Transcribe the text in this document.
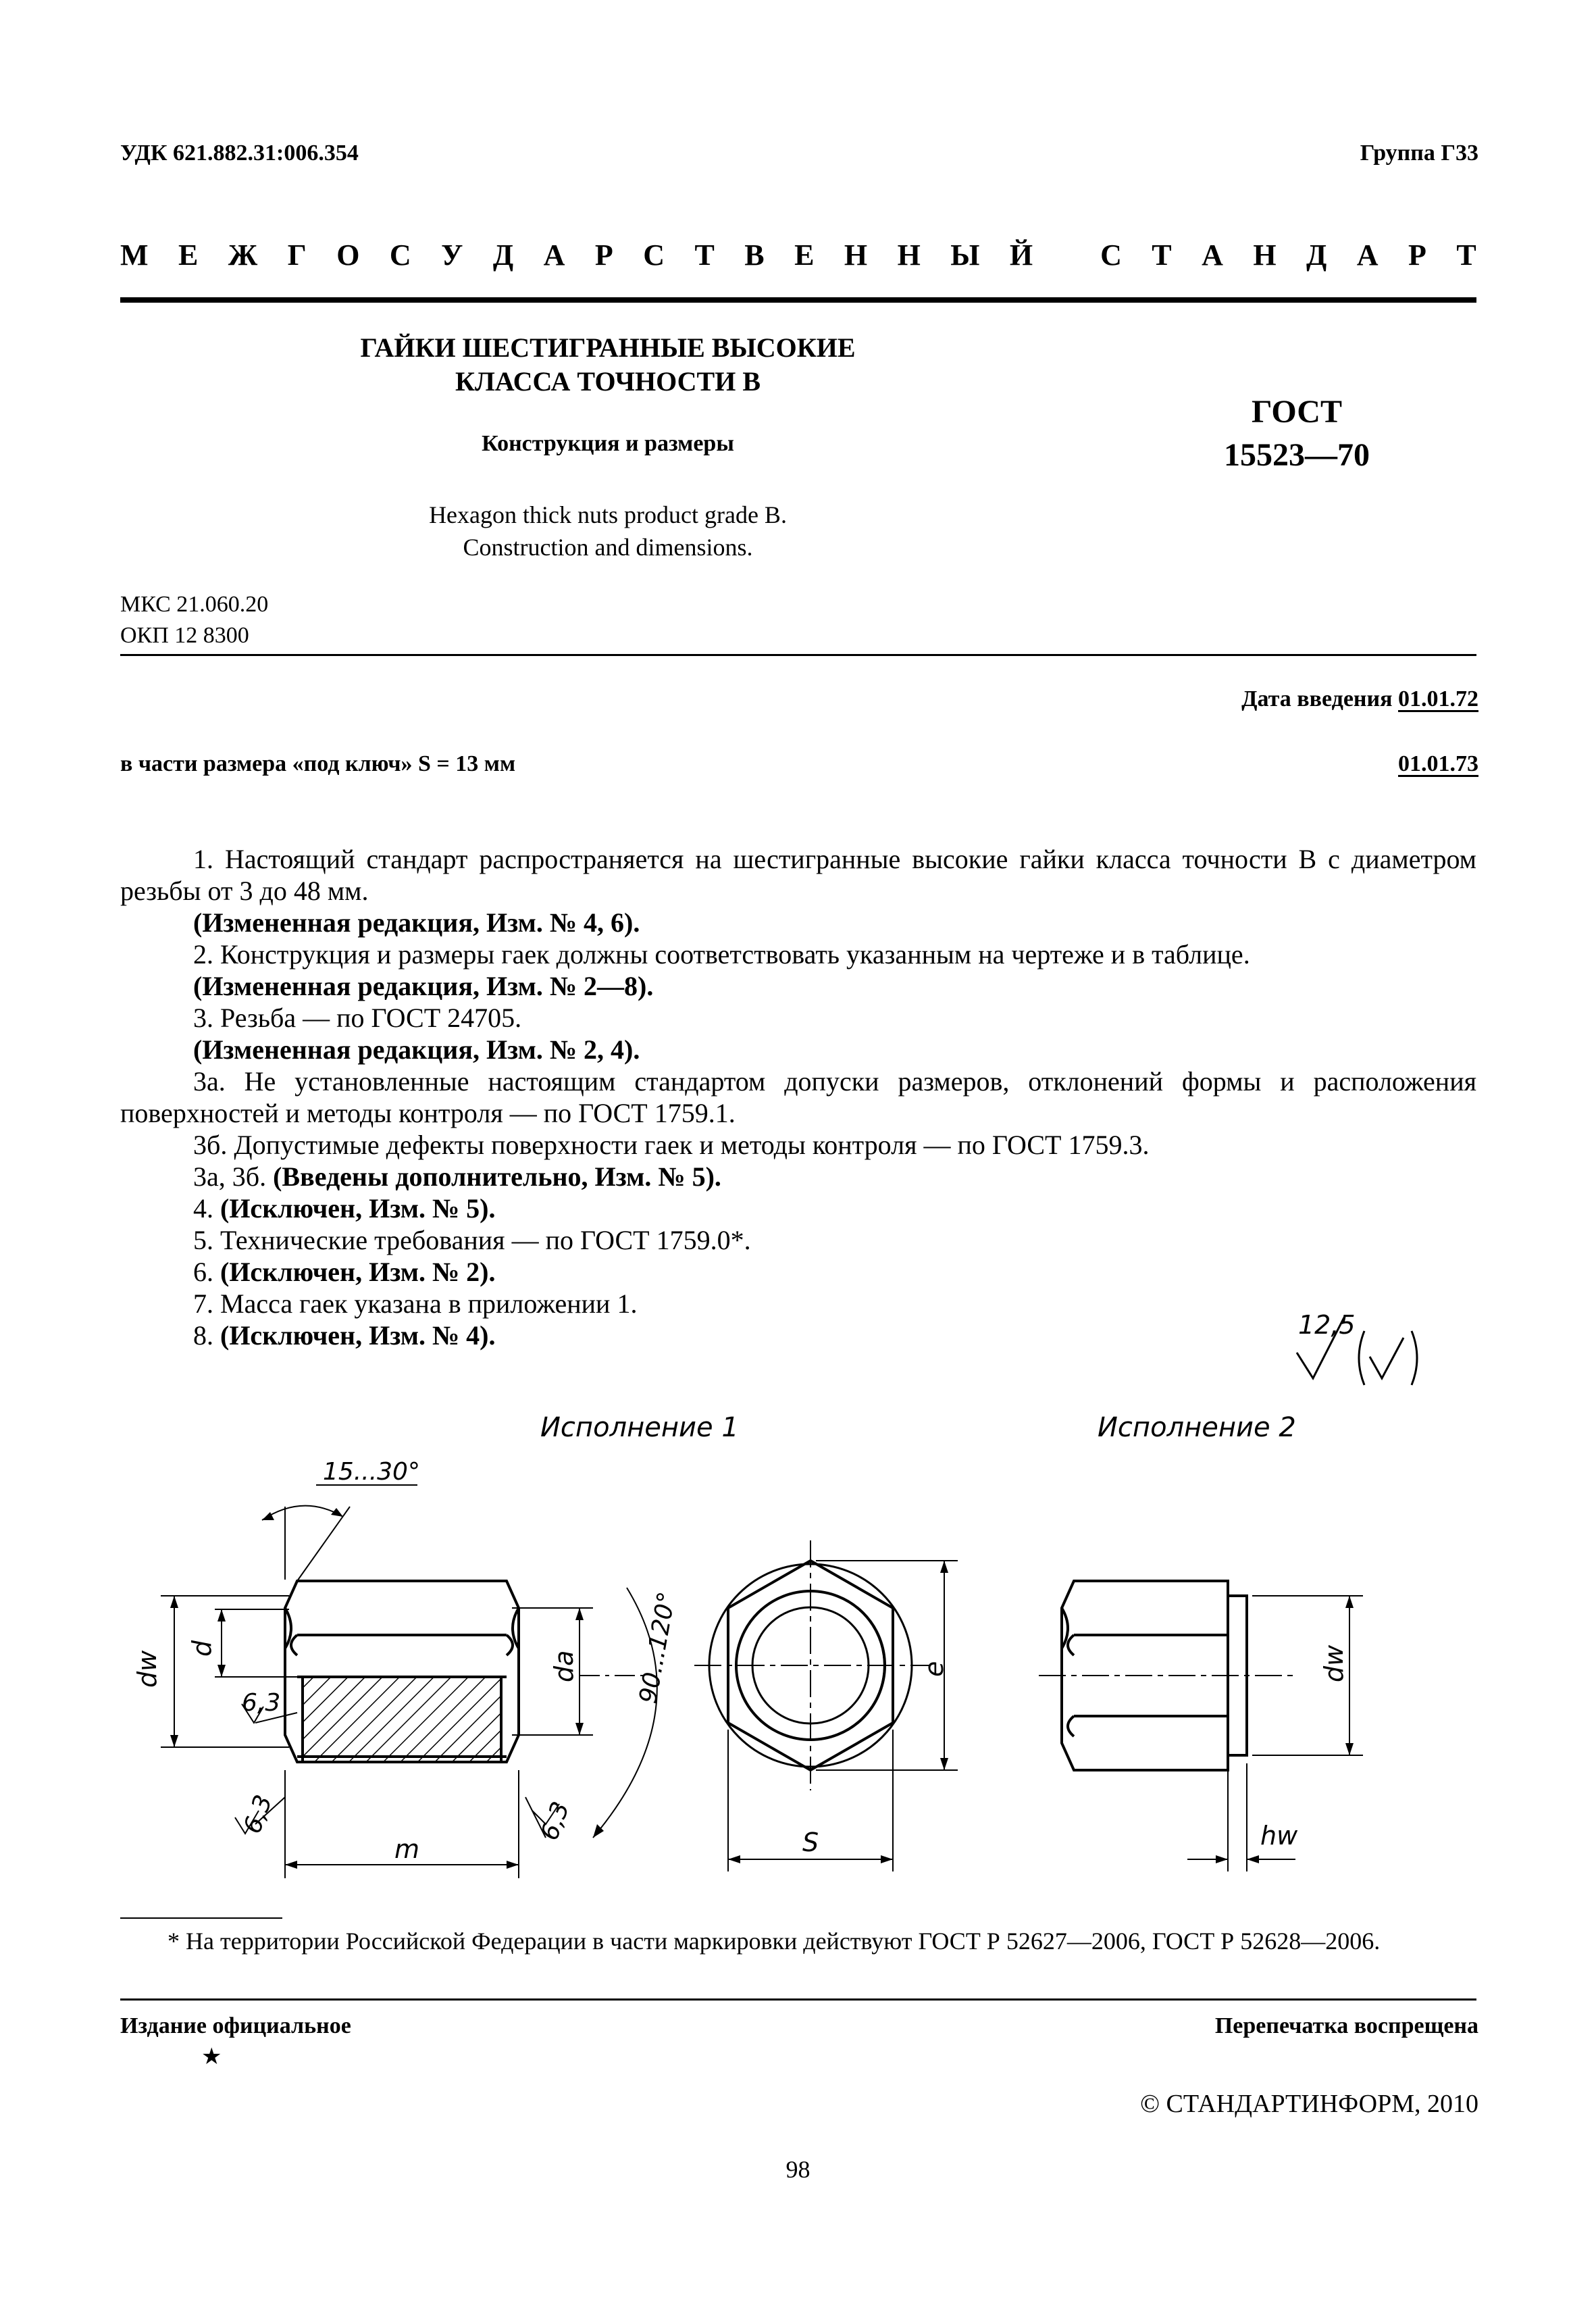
УДК 621.882.31:006.354	Группа Г33
М Е Ж Г О С У Д А Р С Т В Е Н Н Ы Й
С Т А Н Д А Р Т
ГАЙКИ ШЕСТИГРАННЫЕ ВЫСОКИЕ
КЛАССА ТОЧНОСТИ В
Конструкция и размеры
Hexagon thick nuts product grade B.
Construction and dimensions.
ГОСТ
15523—70
МКС 21.060.20
ОКП 12 8300
Дата введения 01.01.72
в части размера «под ключ» S = 13 мм	01.01.73

1. Настоящий стандарт распространяется на шестигранные высокие гайки класса точности В с диаметром резьбы от 3 до 48 мм.

(Измененная редакция, Изм. № 4, 6).

2. Конструкция и размеры гаек должны соответствовать указанным на чертеже и в таблице.

(Измененная редакция, Изм. № 2—8).

3. Резьба — по ГОСТ 24705.

(Измененная редакция, Изм. № 2, 4).

3а. Не установленные настоящим стандартом допуски размеров, отклонений формы и расположения поверхностей и методы контроля — по ГОСТ 1759.1.

3б. Допустимые дефекты поверхности гаек и методы контроля — по ГОСТ 1759.3.

3а, 3б. (Введены дополнительно, Изм. № 5).

4. (Исключен, Изм. № 5).

5. Технические требования — по ГОСТ 1759.0*.

6. (Исключен, Изм. № 2).

7. Масса гаек указана в приложении 1.

8. (Исключен, Изм. № 4).	12,5
Исполнение 1	Исполнение 2
dw
d
6,3
da 90...120°
15...30°
m
6,3	6,3
e
S
dw
hw
* На территории Российской Федерации в части маркировки действуют ГОСТ Р 52627—2006, ГОСТ Р 52628—2006.
Издание официальное
★
Перепечатка воспрещена
© СТАНДАРТИНФОРМ, 2010
98
